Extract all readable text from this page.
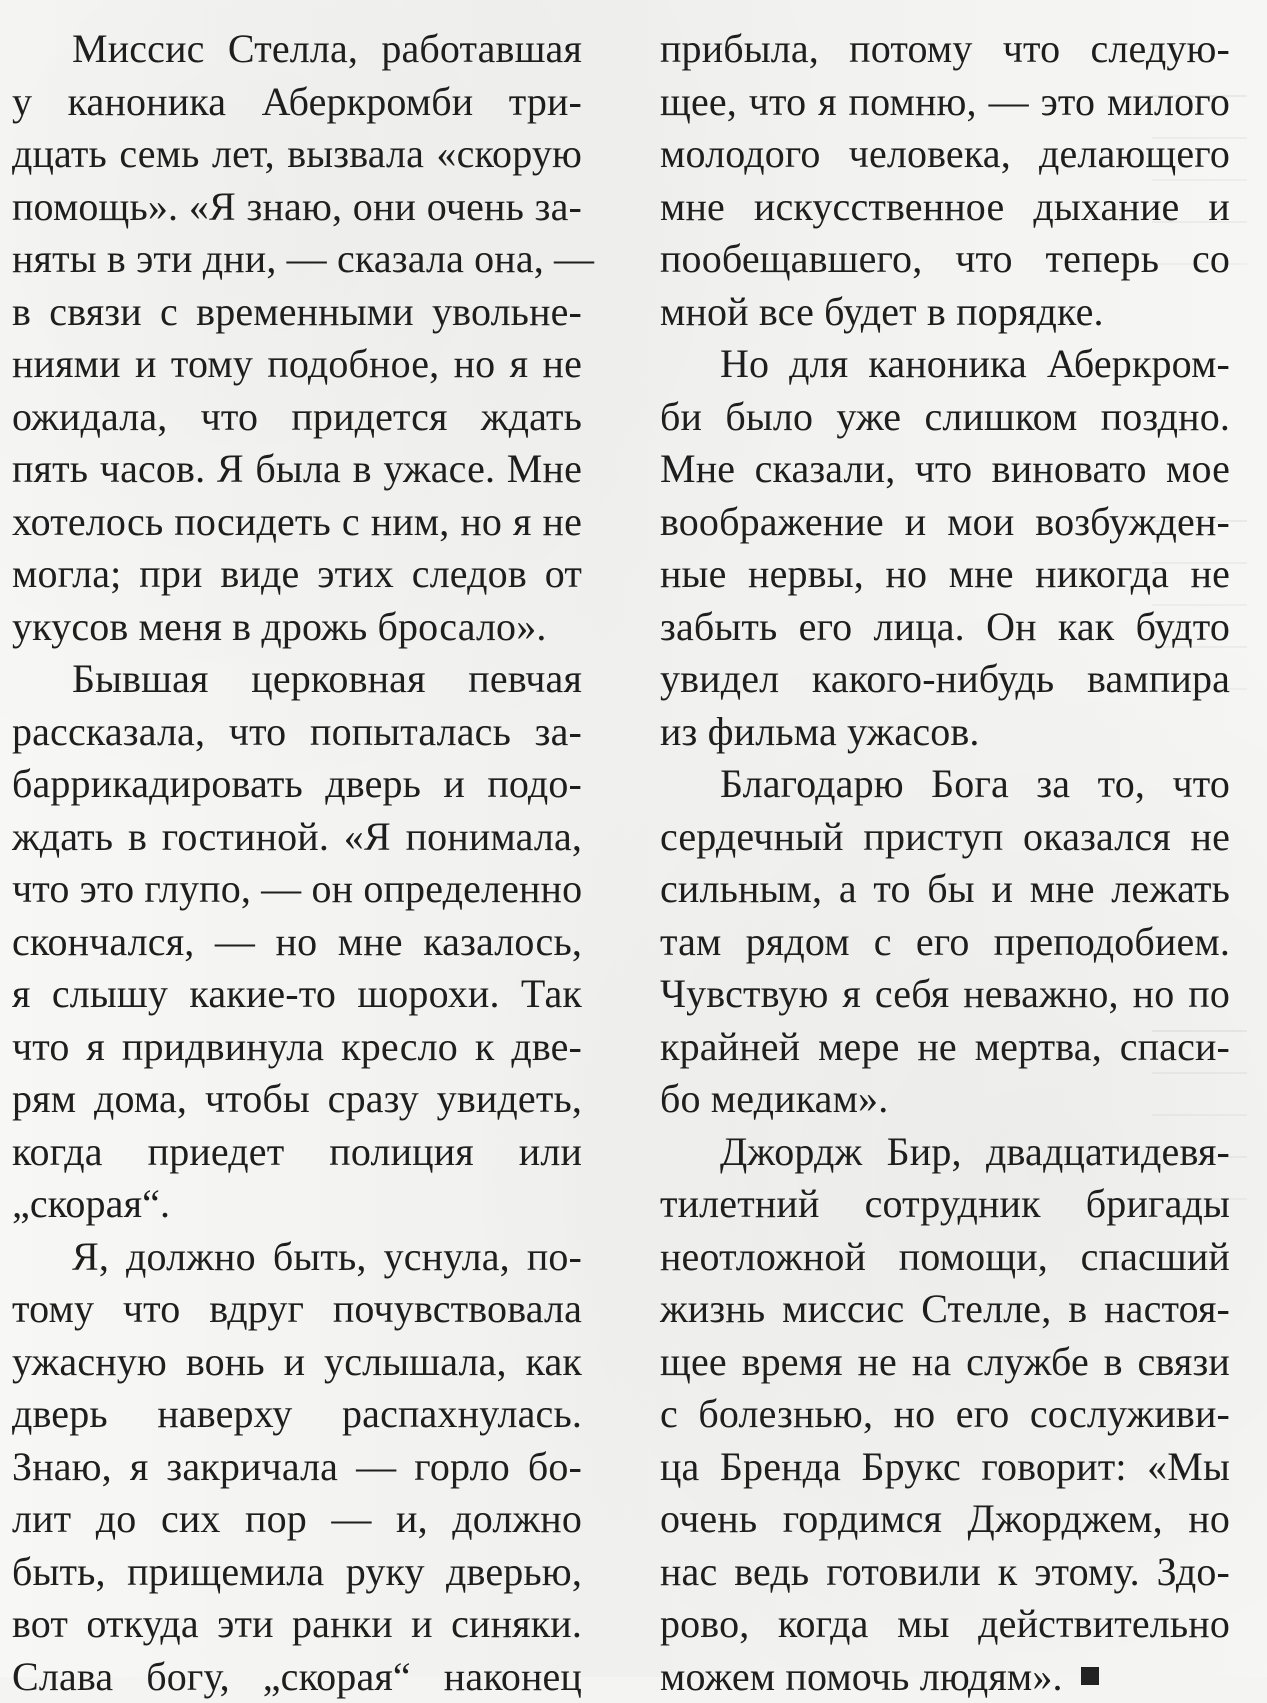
Миссис Стелла, работавшая
у каноника Аберкромби три-
дцать семь лет, вызвала «скорую
помощь». «Я знаю, они очень за-
няты в эти дни, — сказала она, —
в связи с временными увольне-
ниями и тому подобное, но я не
ожидала, что придется ждать
пять часов. Я была в ужасе. Мне
хотелось посидеть с ним, но я не
могла; при виде этих следов от
укусов меня в дрожь бросало».
Бывшая церковная певчая
рассказала, что попыталась за-
баррикадировать дверь и подо-
ждать в гостиной. «Я понимала,
что это глупо, — он определенно
скончался, — но мне казалось,
я слышу какие-то шорохи. Так
что я придвинула кресло к две-
рям дома, чтобы сразу увидеть,
когда приедет полиция или
„скорая“.
Я, должно быть, уснула, по-
тому что вдруг почувствовала
ужасную вонь и услышала, как
дверь наверху распахнулась.
Знаю, я закричала — горло бо-
лит до сих пор — и, должно
быть, прищемила руку дверью,
вот откуда эти ранки и синяки.
Слава богу, „скорая“ наконец
прибыла, потому что следую-
щее, что я помню, — это милого
молодого человека, делающего
мне искусственное дыхание и
пообещавшего, что теперь со
мной все будет в порядке.
Но для каноника Аберкром-
би было уже слишком поздно.
Мне сказали, что виновато мое
воображение и мои возбужден-
ные нервы, но мне никогда не
забыть его лица. Он как будто
увидел какого-нибудь вампира
из фильма ужасов.
Благодарю Бога за то, что
сердечный приступ оказался не
сильным, а то бы и мне лежать
там рядом с его преподобием.
Чувствую я себя неважно, но по
крайней мере не мертва, спаси-
бо медикам».
Джордж Бир, двадцатидевя-
тилетний сотрудник бригады
неотложной помощи, спасший
жизнь миссис Стелле, в настоя-
щее время не на службе в связи
с болезнью, но его сослуживи-
ца Бренда Брукс говорит: «Мы
очень гордимся Джорджем, но
нас ведь готовили к этому. Здо-
рово, когда мы действительно
можем помочь людям».
